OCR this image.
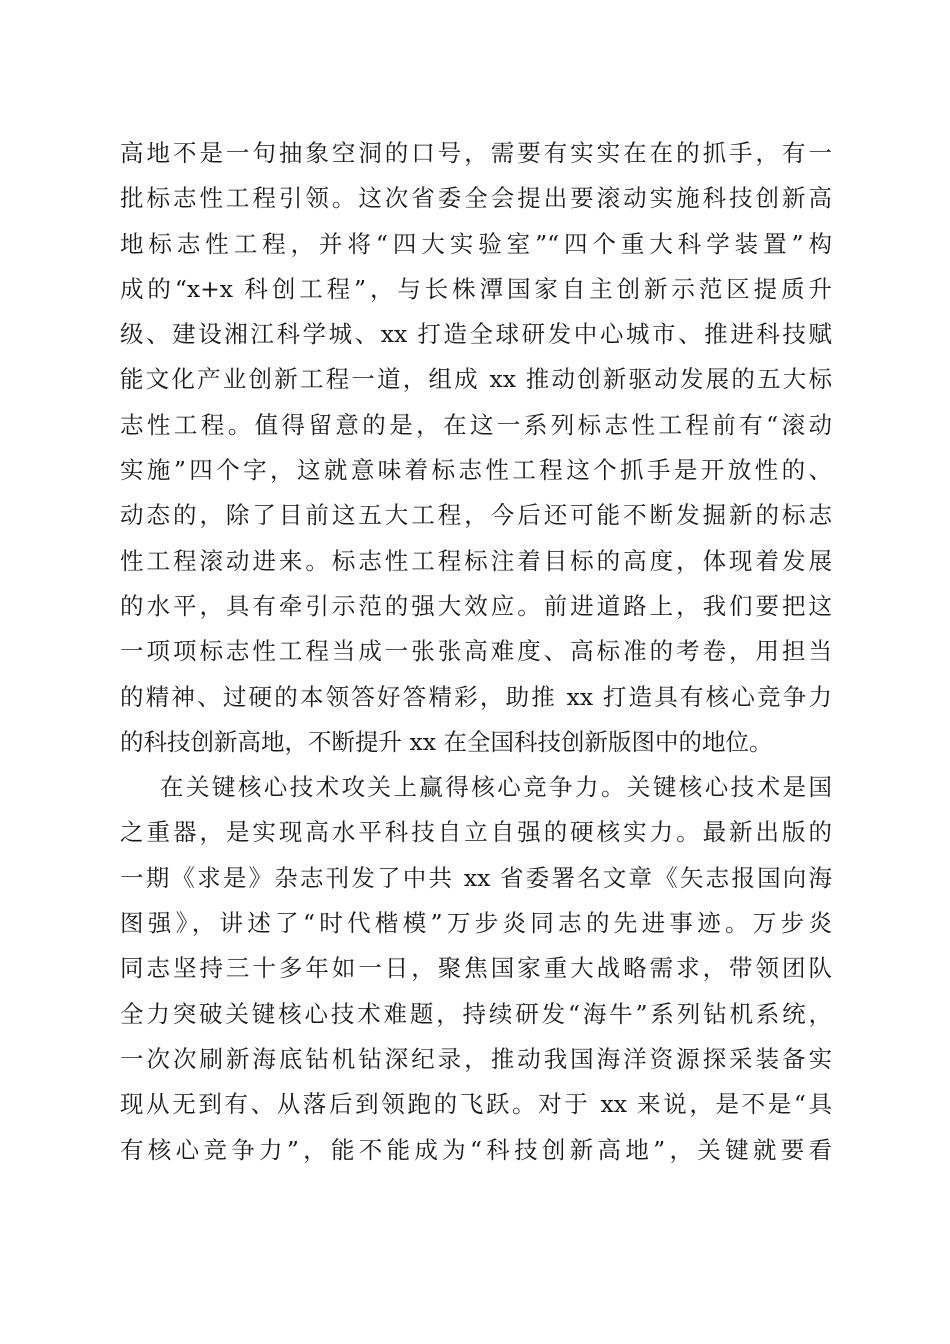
高地不是一句抽象空洞的口号，需要有实实在在的抓手，有一
批标志性工程引领。这次省委全会提出要滚动实施科技创新高
地标志性工程，并将“四大实验室”“四个重大科学装置”构
成的“x+x 科创工程”，与长株潭国家自主创新示范区提质升
级、建设湘江科学城、xx 打造全球研发中心城市、推进科技赋
能文化产业创新工程一道，组成 xx 推动创新驱动发展的五大标
志性工程。值得留意的是，在这一系列标志性工程前有“滚动
实施”四个字，这就意味着标志性工程这个抓手是开放性的、
动态的，除了目前这五大工程，今后还可能不断发掘新的标志
性工程滚动进来。标志性工程标注着目标的高度，体现着发展
的水平，具有牵引示范的强大效应。前进道路上，我们要把这
一项项标志性工程当成一张张高难度、高标准的考卷，用担当
的精神、过硬的本领答好答精彩，助推 xx 打造具有核心竞争力
的科技创新高地，不断提升 xx 在全国科技创新版图中的地位。
在关键核心技术攻关上赢得核心竞争力。关键核心技术是国
之重器，是实现高水平科技自立自强的硬核实力。最新出版的
一期《求是》杂志刊发了中共 xx 省委署名文章《矢志报国向海
图强》，讲述了“时代楷模”万步炎同志的先进事迹。万步炎
同志坚持三十多年如一日，聚焦国家重大战略需求，带领团队
全力突破关键核心技术难题，持续研发“海牛”系列钻机系统，
一次次刷新海底钻机钻深纪录，推动我国海洋资源探采装备实
现从无到有、从落后到领跑的飞跃。对于 xx 来说，是不是“具
有核心竞争力”，能不能成为“科技创新高地”，关键就要看
